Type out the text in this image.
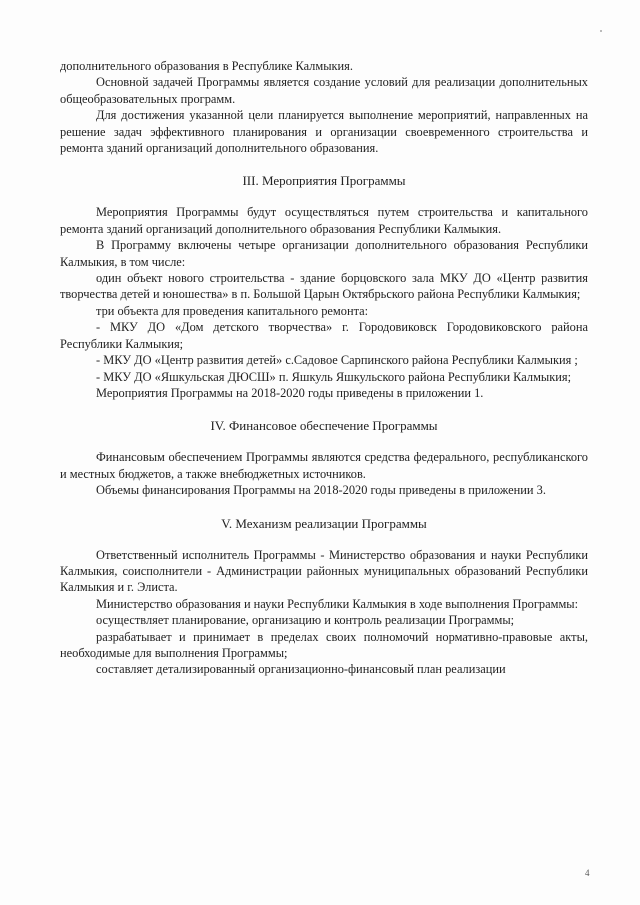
дополнительного образования в Республике Калмыкия.

Основной задачей Программы является создание условий для реализации дополнительных общеобразовательных программ.

Для достижения указанной цели планируется выполнение мероприятий, направленных на решение задач эффективного планирования и организации своевременного строительства и ремонта зданий организаций дополнительного образования.

III. Мероприятия Программы

Мероприятия Программы будут осуществляться путем строительства и капитального ремонта зданий организаций дополнительного образования Республики Калмыкия.

В Программу включены четыре организации дополнительного образования Республики Калмыкия, в том числе:

один объект нового строительства - здание борцовского зала МКУ ДО «Центр развития творчества детей и юношества» в п. Большой Царын Октябрьского района Республики Калмыкия;

три объекта для проведения капитального ремонта:

- МКУ ДО «Дом детского творчества» г. Городовиковск Городовиковского района Республики Калмыкия;

- МКУ ДО «Центр развития детей» с.Садовое Сарпинского района Республики Калмыкия ;

- МКУ ДО «Яшкульская ДЮСШ» п. Яшкуль Яшкульского района Республики Калмыкия;

Мероприятия Программы на 2018-2020 годы приведены в приложении 1.

IV. Финансовое обеспечение Программы

Финансовым обеспечением Программы являются средства федерального, республиканского и местных бюджетов, а также внебюджетных источников.

Объемы финансирования Программы на 2018-2020 годы приведены в приложении 3.

V. Механизм реализации Программы

Ответственный исполнитель Программы - Министерство образования и науки Республики Калмыкия, соисполнители - Администрации районных муниципальных образований Республики Калмыкия и г. Элиста.

Министерство образования и науки Республики Калмыкия в ходе выполнения Программы:

осуществляет планирование, организацию и контроль реализации Программы;

разрабатывает и принимает в пределах своих полномочий нормативно-правовые акты, необходимые для выполнения Программы;

составляет детализированный организационно-финансовый план реализации

4
